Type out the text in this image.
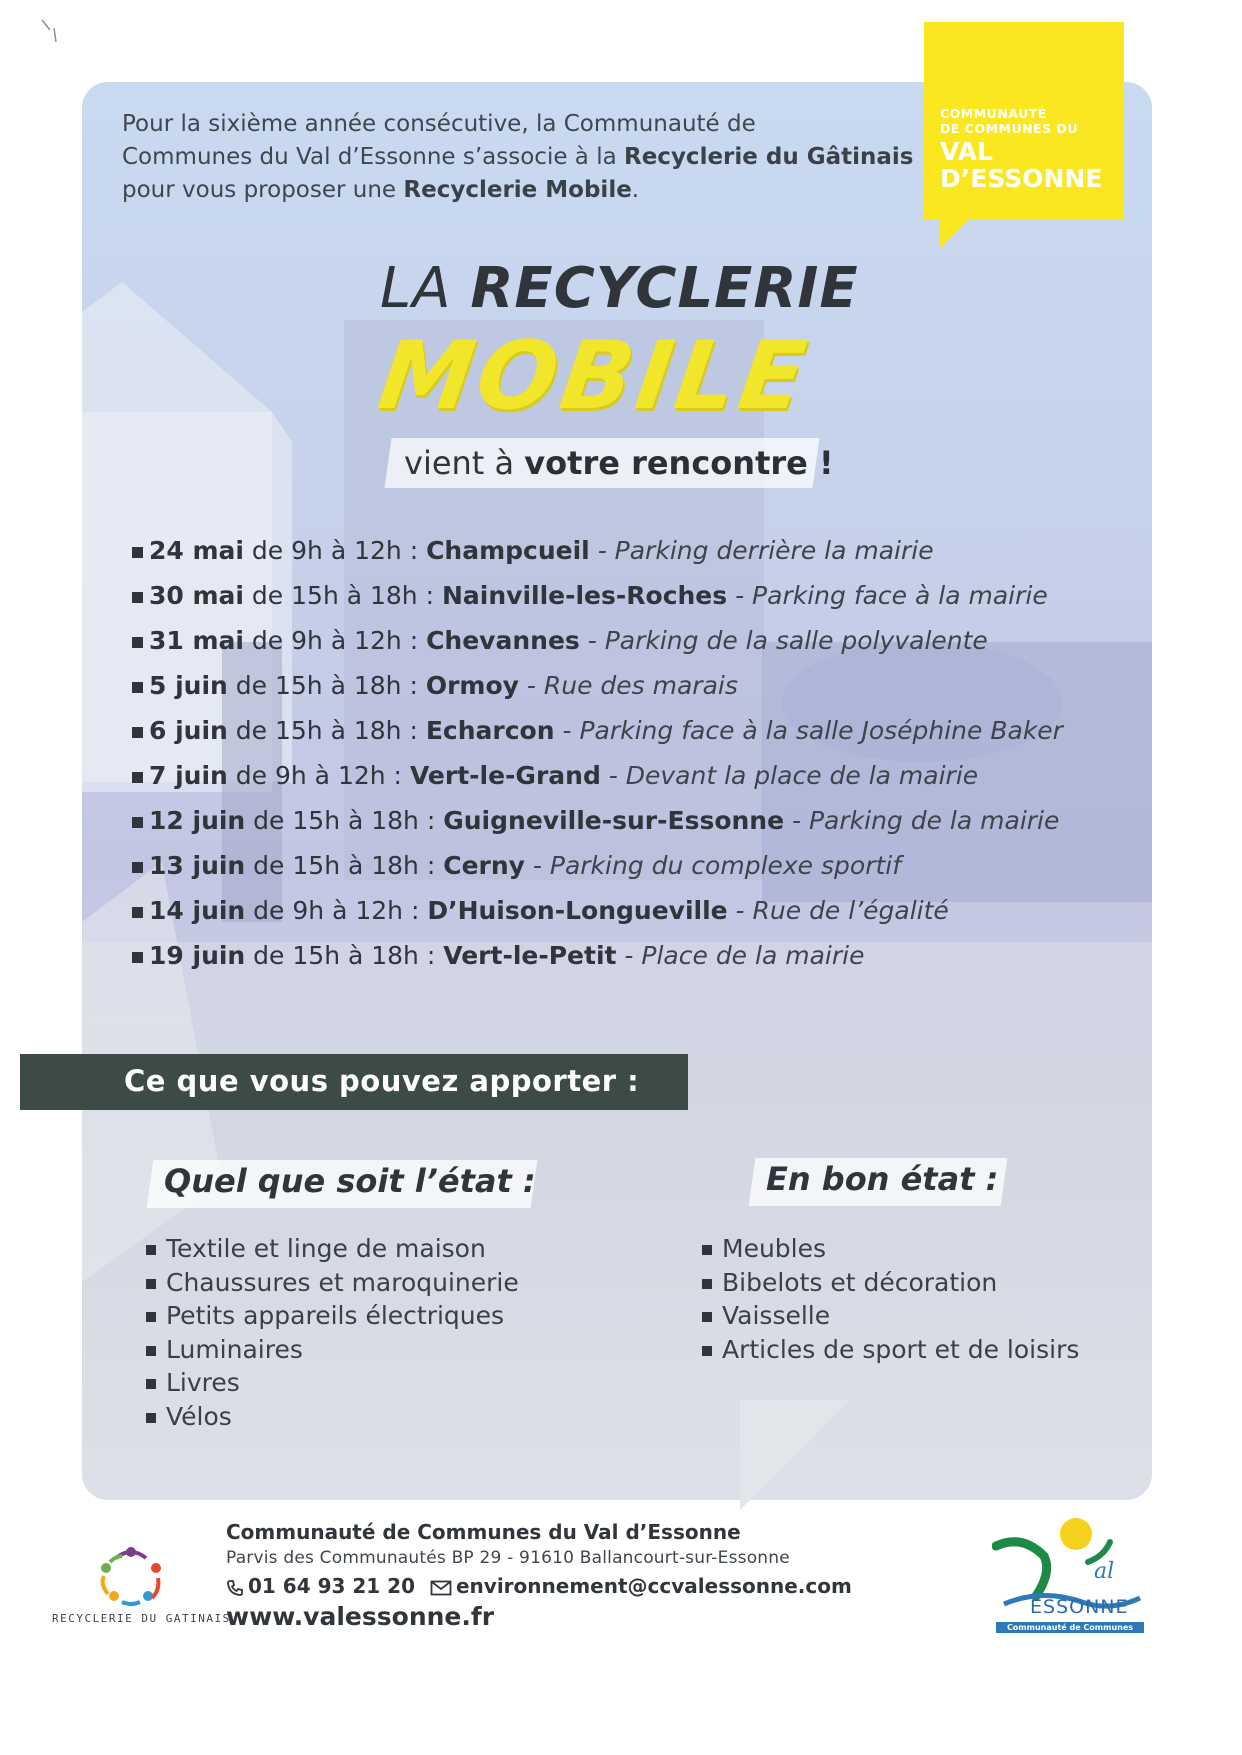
Pour la sixième année consécutive, la Communauté de
Communes du Val d’Essonne s’associe à la Recyclerie du Gâtinais
pour vous proposer une Recyclerie Mobile.
COMMUNAUTÉ
DE COMMUNES DU
VAL
D’ESSONNE
LA RECYCLERIE
MOBILE
vient à votre rencontre !
24 mai de 9h à 12h : Champcueil - Parking derrière la mairie
30 mai de 15h à 18h : Nainville-les-Roches - Parking face à la mairie
31 mai de 9h à 12h : Chevannes - Parking de la salle polyvalente
5 juin de 15h à 18h : Ormoy - Rue des marais
6 juin de 15h à 18h : Echarcon - Parking face à la salle Joséphine Baker
7 juin de 9h à 12h : Vert-le-Grand - Devant la place de la mairie
12 juin de 15h à 18h : Guigneville-sur-Essonne - Parking de la mairie
13 juin de 15h à 18h : Cerny - Parking du complexe sportif
14 juin de 9h à 12h : D’Huison-Longueville - Rue de l’égalité
19 juin de 15h à 18h : Vert-le-Petit - Place de la mairie
Ce que vous pouvez apporter :
Quel que soit l’état :	En bon état :
Textile et linge de maison
Chaussures et maroquinerie
Petits appareils électriques
Luminaires
Livres
Vélos
Meubles
Bibelots et décoration
Vaisselle
Articles de sport et de loisirs
RECYCLERIE DU GATINAIS
Communauté de Communes du Val d’Essonne
Parvis des Communautés BP 29 - 91610 Ballancourt-sur-Essonne
01 64 93 21 20 environnement@ccvalessonne.com
www.valessonne.fr
al
ESSONNE
Communauté de Communes
